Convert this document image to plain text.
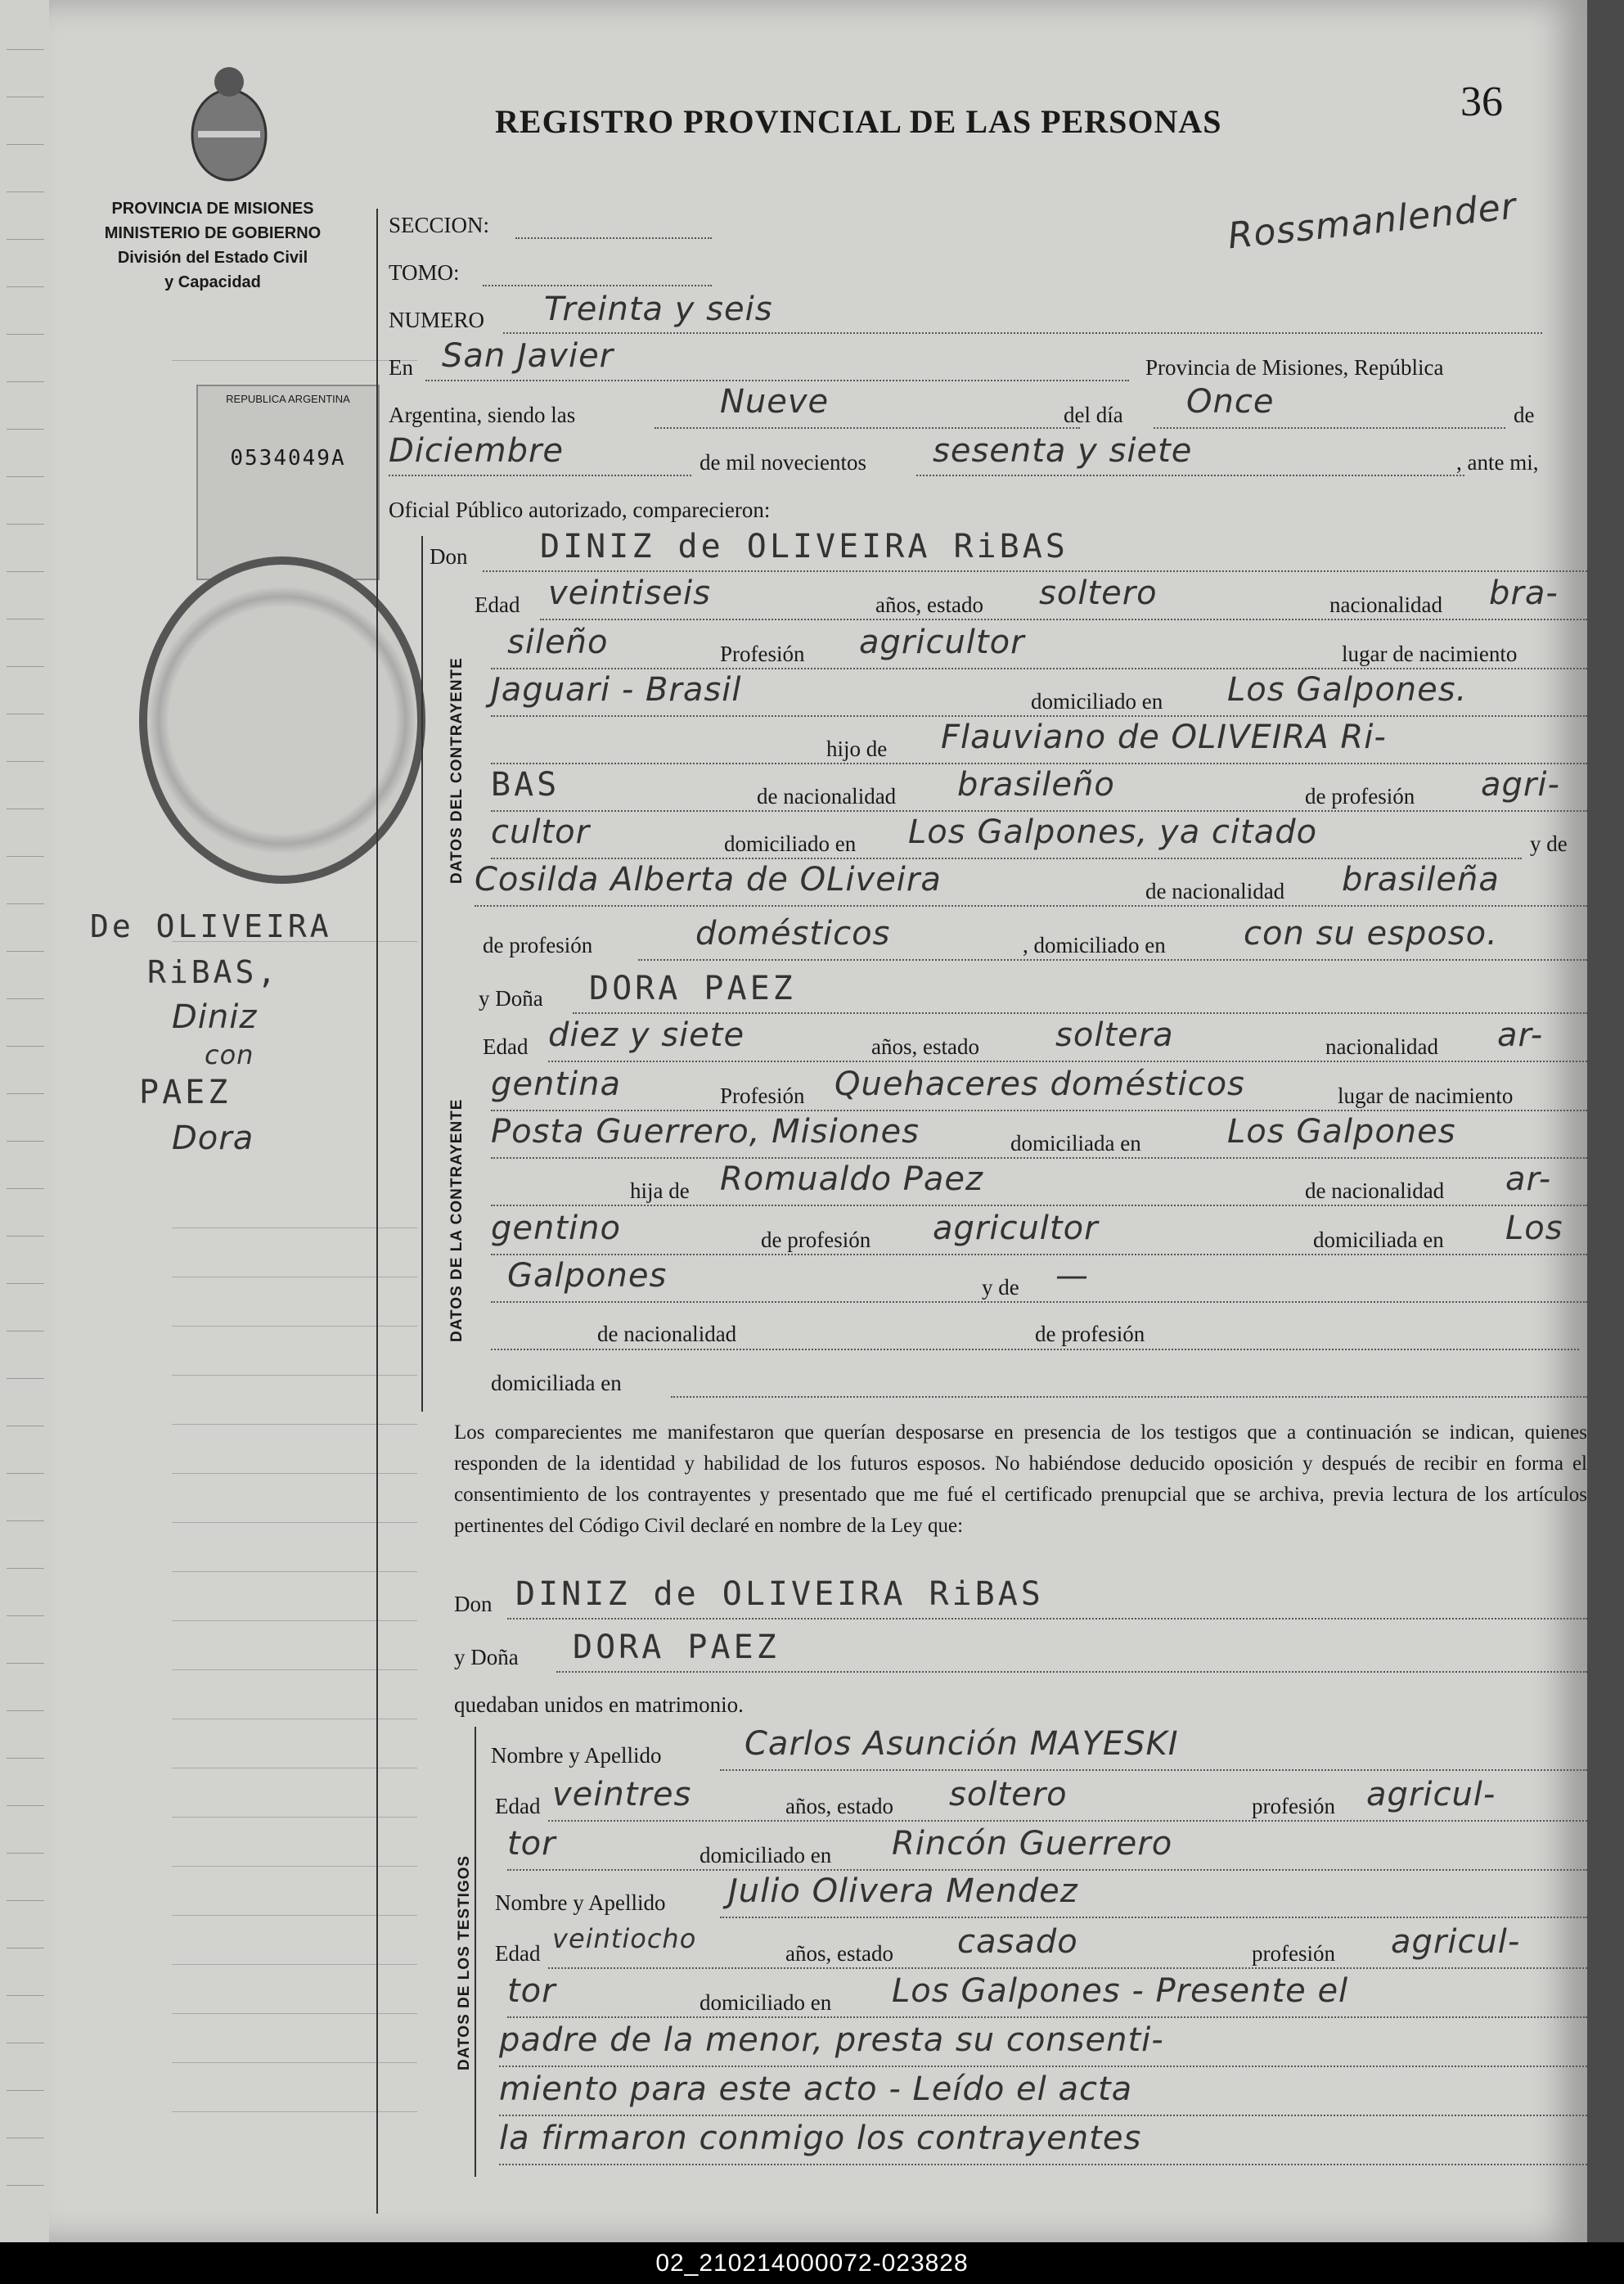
REGISTRO PROVINCIAL DE LAS PERSONAS	36
Rossmanlender
PROVINCIA DE MISIONES
MINISTERIO DE GOBIERNO
División del Estado Civil
y Capacidad
REPUBLICA ARGENTINA
0534049A
De OLIVEIRA
RiBAS,
Diniz
con
PAEZ
Dora
SECCION:
TOMO:
NUMERO Treinta y seis
En San Javier	Provincia de Misiones, República
Argentina, siendo las	Nueve	del día Once	de
Diciembre	de mil novecientos sesenta y siete	, ante mi,
Oficial Público autorizado, comparecieron:
DATOS DEL CONTRAYENTE
Don DINIZ de OLIVEIRA RiBAS
Edad veintiseis	años, estado soltero	nacionalidad bra-
sileño	Profesión agricultor	lugar de nacimiento
Jaguari - Brasil	domiciliado en Los Galpones.
hijo de Flauviano de OLIVEIRA Ri-
BAS	de nacionalidad brasileño	de profesión agri-
cultor	domiciliado en Los Galpones, ya citado	y de
Cosilda Alberta de OLiveira	de nacionalidad brasileña
de profesión	domésticos	, domiciliado en con su esposo.
DATOS DE LA CONTRAYENTE
y Doña DORA PAEZ
Edad diez y siete	años, estado soltera	nacionalidad ar-
gentina	Profesión Quehaceres domésticos	lugar de nacimiento
Posta Guerrero, Misiones	domiciliada en	Los Galpones
hija de Romualdo Paez	de nacionalidad ar-
gentino	de profesión agricultor	domiciliada en Los
Galpones	y de —
de nacionalidad	de profesión
domiciliada en
Los comparecientes me manifestaron que querían desposarse en presencia de los testigos que a continuación se indican, quienes responden de la identidad y habilidad de los futuros esposos. No habiéndose deducido oposición y después de recibir en forma el consentimiento de los contrayentes y presentado que me fué el certificado prenupcial que se archiva, previa lectura de los artículos pertinentes del Código Civil declaré en nombre de la Ley que:
Don DINIZ de OLIVEIRA RiBAS
y Doña DORA PAEZ
quedaban unidos en matrimonio.
DATOS DE LOS TESTIGOS
Nombre y Apellido	Carlos Asunción MAYESKI
Edad veintres	años, estado soltero	profesión agricul-
tor	domiciliado en Rincón Guerrero
Nombre y Apellido Julio Olivera Mendez
Edad veintiocho	años, estado casado	profesión agricul-
tor	domiciliado en Los Galpones - Presente el
padre de la menor, presta su consenti-
miento para este acto - Leído el acta
la firmaron conmigo los contrayentes
02_210214000072-023828
